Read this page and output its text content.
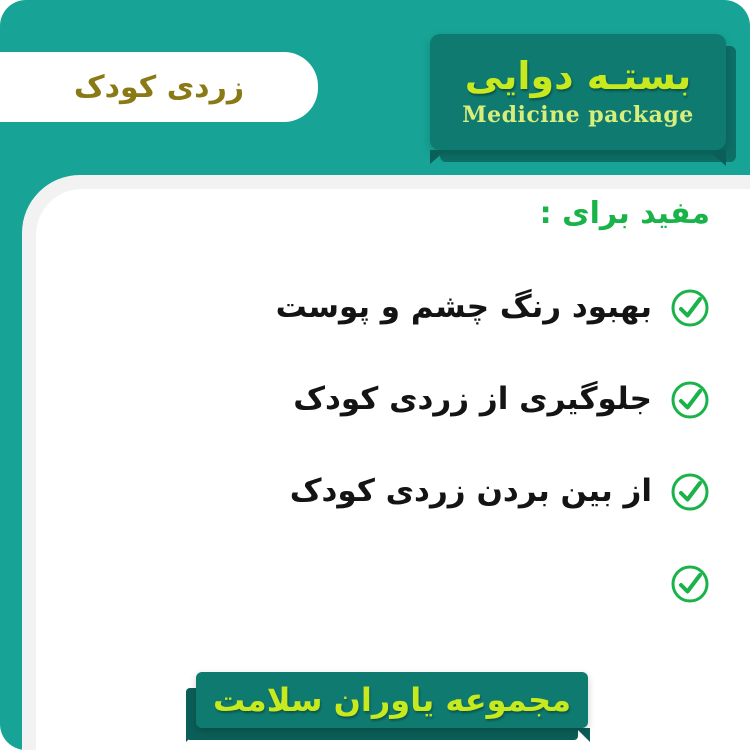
زردی کودک	بستـه دوایی
Medicine package
مفید برای :
بهبود رنگ چشم و پوست
جلوگیری از زردی کودک
از بین بردن زردی کودک
مجموعه یاوران سلامت
